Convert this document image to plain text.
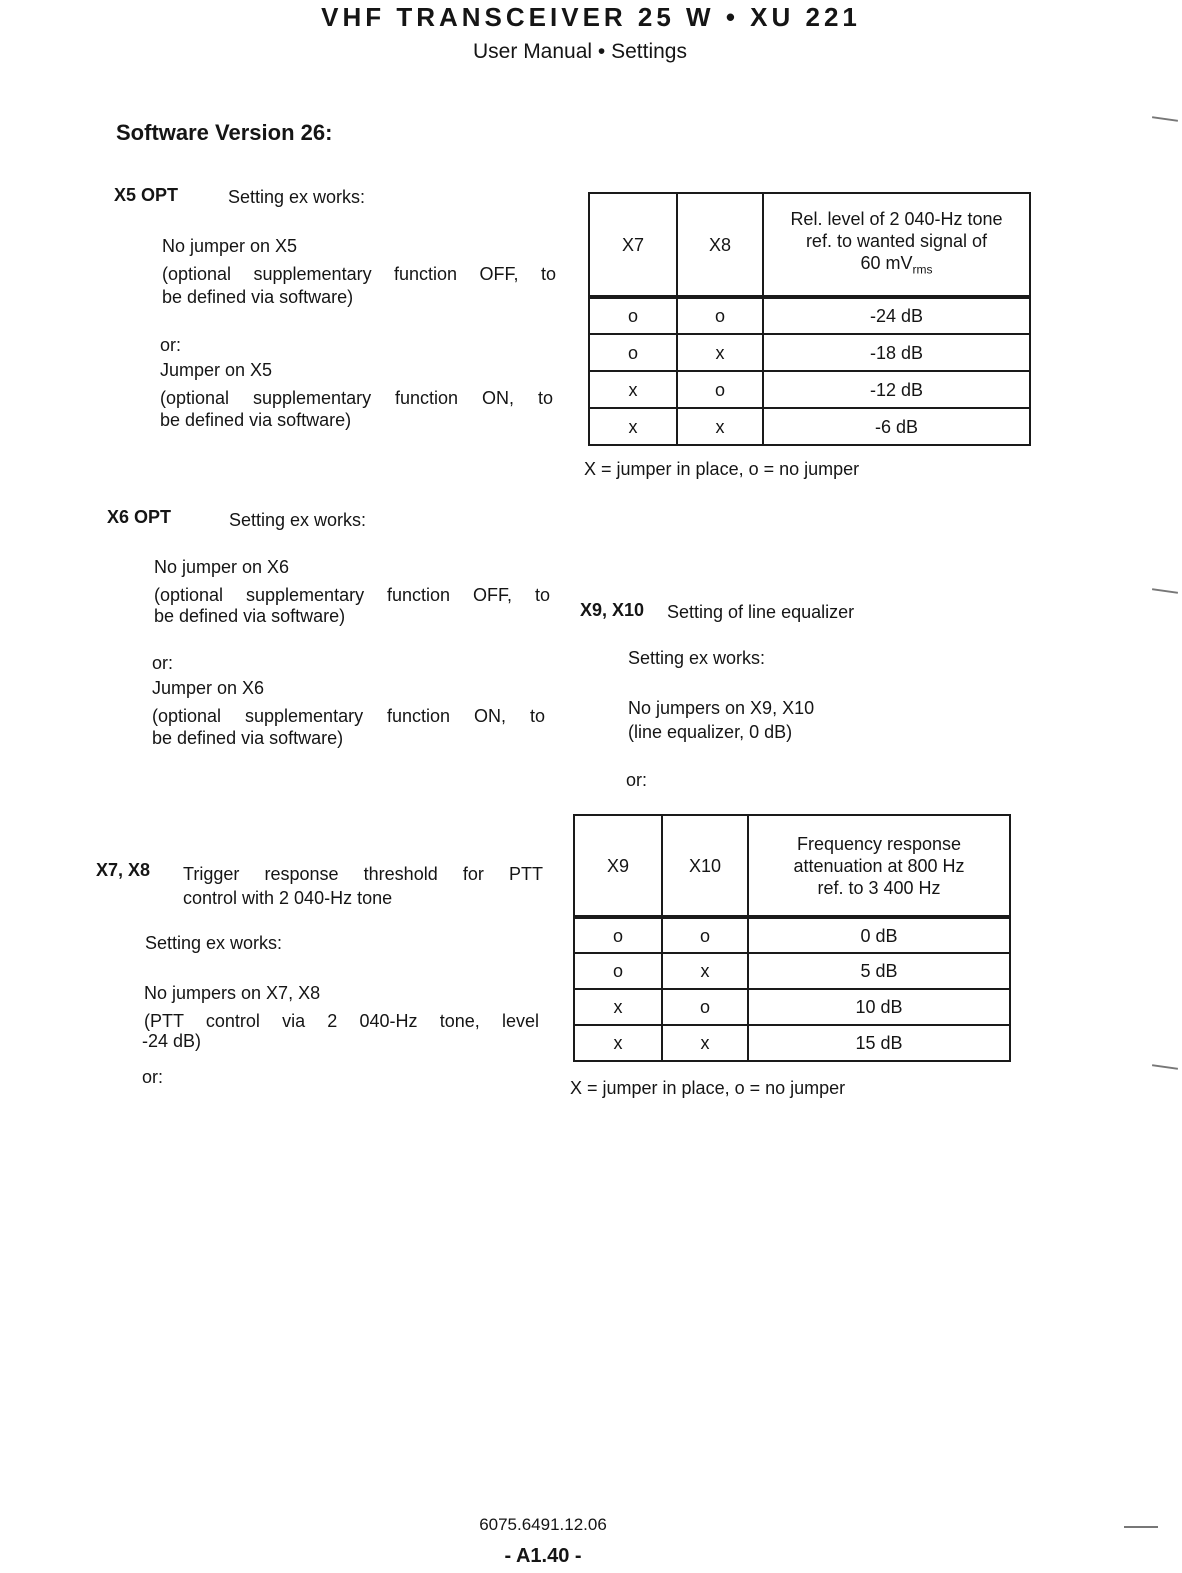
VHF TRANSCEIVER 25 W • XU 221
User Manual • Settings
Software Version 26:
X5 OPT	Setting ex works:
No jumper on X5
(optional supplementary function OFF, to
be defined via software)
or:
Jumper on X5
(optional supplementary function ON, to
be defined via software)
X7	X8	Rel. level of 2 040-Hz tone
ref. to wanted signal of
60 $mV_{rms}$

o	o	-24 dB
o	x	-18 dB
x	o	-12 dB
x	x	-6 dB
X = jumper in place, o = no jumper
X6 OPT	Setting ex works:
No jumper on X6
(optional supplementary function OFF, to
be defined via software)
or:
Jumper on X6
(optional supplementary function ON, to
be defined via software)
X9, X10 Setting of line equalizer
Setting ex works:
No jumpers on X9, X10
(line equalizer, 0 dB)
or:
X9	X10	Frequency response
attenuation at 800 Hz
ref. to 3 400 Hz

o	o	0 dB
o	x	5 dB
x	o	10 dB
x	x	15 dB
X = jumper in place, o = no jumper
X7, X8 Trigger response threshold for PTT
control with 2 040-Hz tone
Setting ex works:
No jumpers on X7, X8
(PTT control via 2 040-Hz tone, level
-24 dB)
or:
6075.6491.12.06
- A1.40 -
